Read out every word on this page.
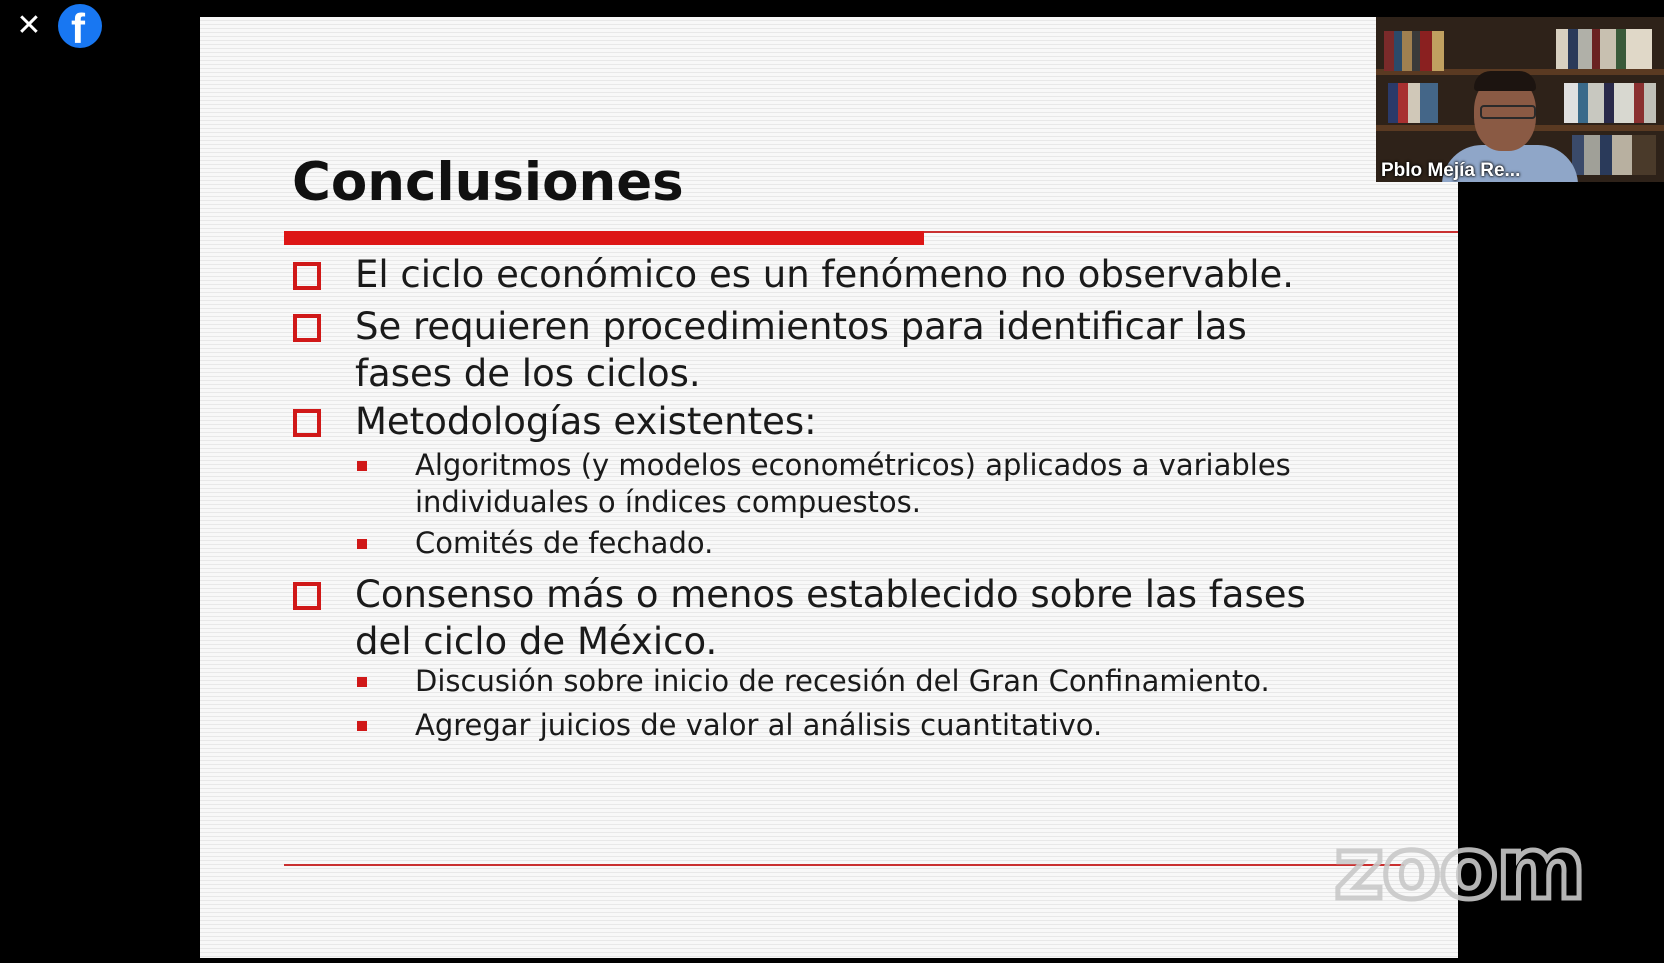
✕ f
Conclusiones
El ciclo económico es un fenómeno no observable.
Se requieren procedimientos para identificar las
fases de los ciclos.
Metodologías existentes:
Algoritmos (y modelos econométricos) aplicados a variables
individuales o índices compuestos.
Comités de fechado.
Consenso más o menos establecido sobre las fases
del ciclo de México.
Discusión sobre inicio de recesión del Gran Confinamiento.
Agregar juicios de valor al análisis cuantitativo.
Pblo Mejía Re...
zoom
